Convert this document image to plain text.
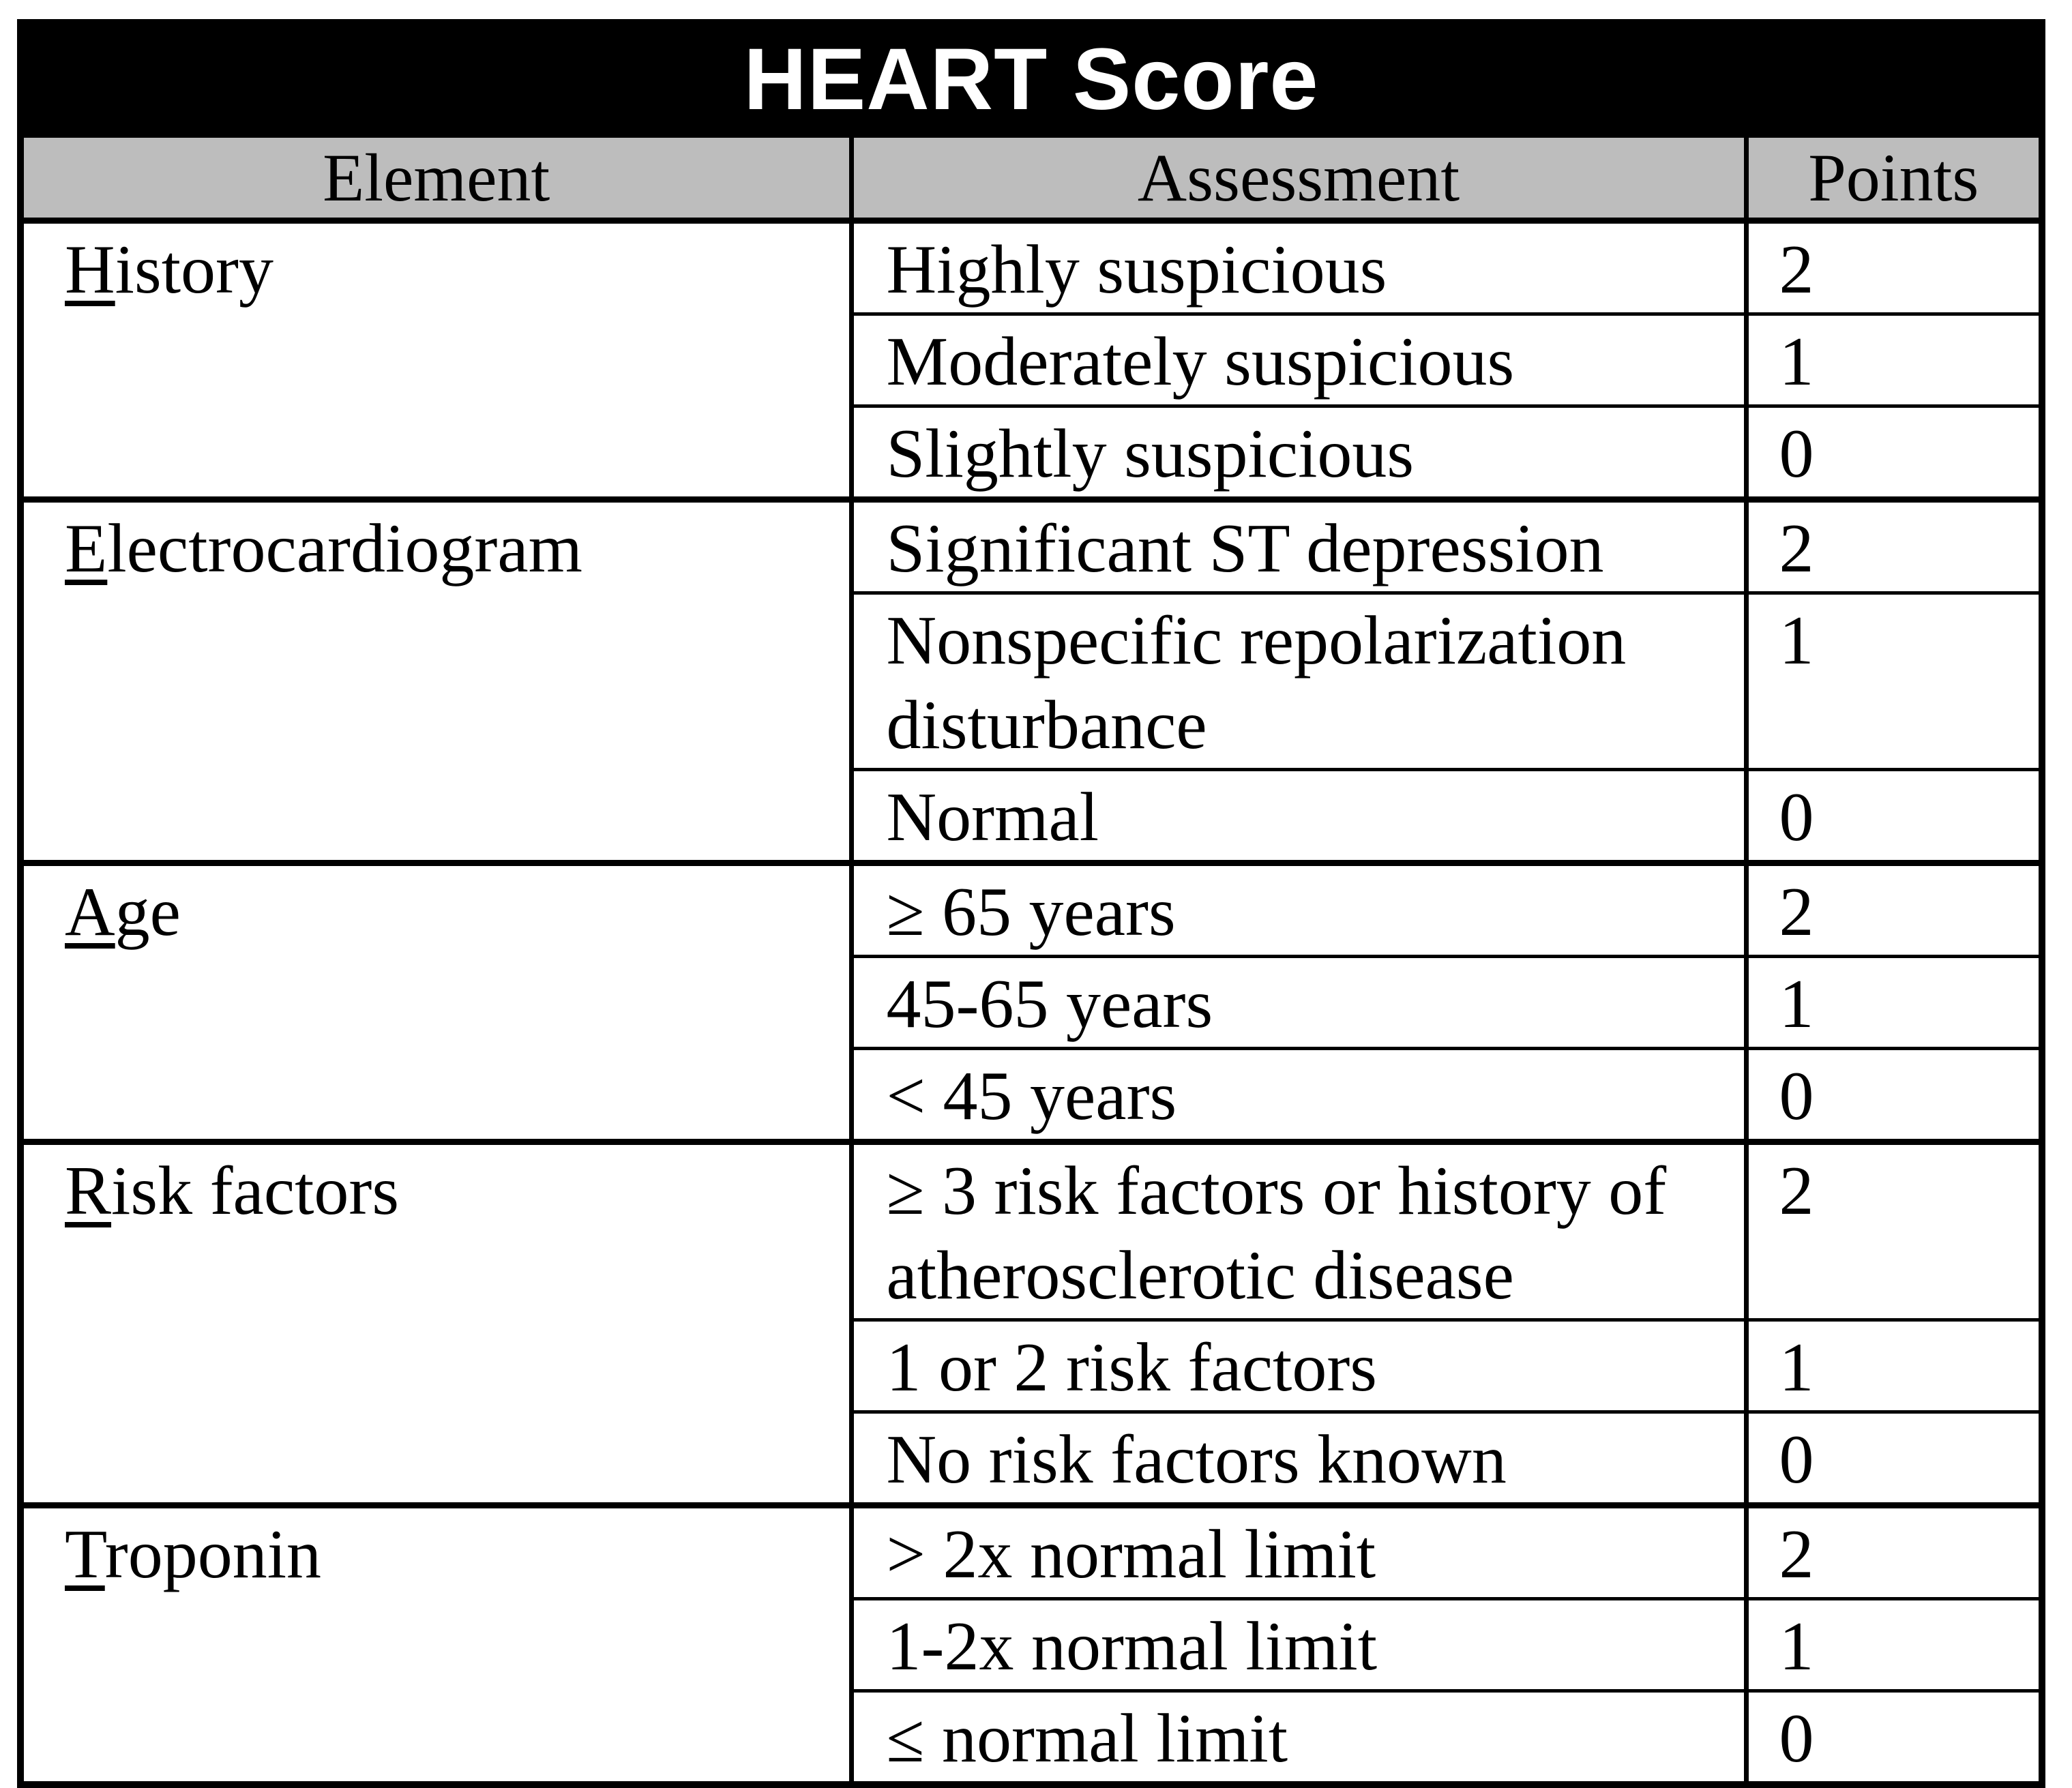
HEART Score		
Element	Assessment	Points
History	Highly suspicious	2
	Moderately suspicious	1
	Slightly suspicious	0
Electrocardiogram	Significant ST depression	2
	Nonspecific repolarization disturbance	1
	Normal	0
Age	≥ 65 years	2
	45-65 years	1
	< 45 years	0
Risk factors	≥ 3 risk factors or history of atherosclerotic disease	2
	1 or 2 risk factors	1
	No risk factors known	0
Troponin	> 2x normal limit	2
	1-2x normal limit	1
	≤ normal limit	0
